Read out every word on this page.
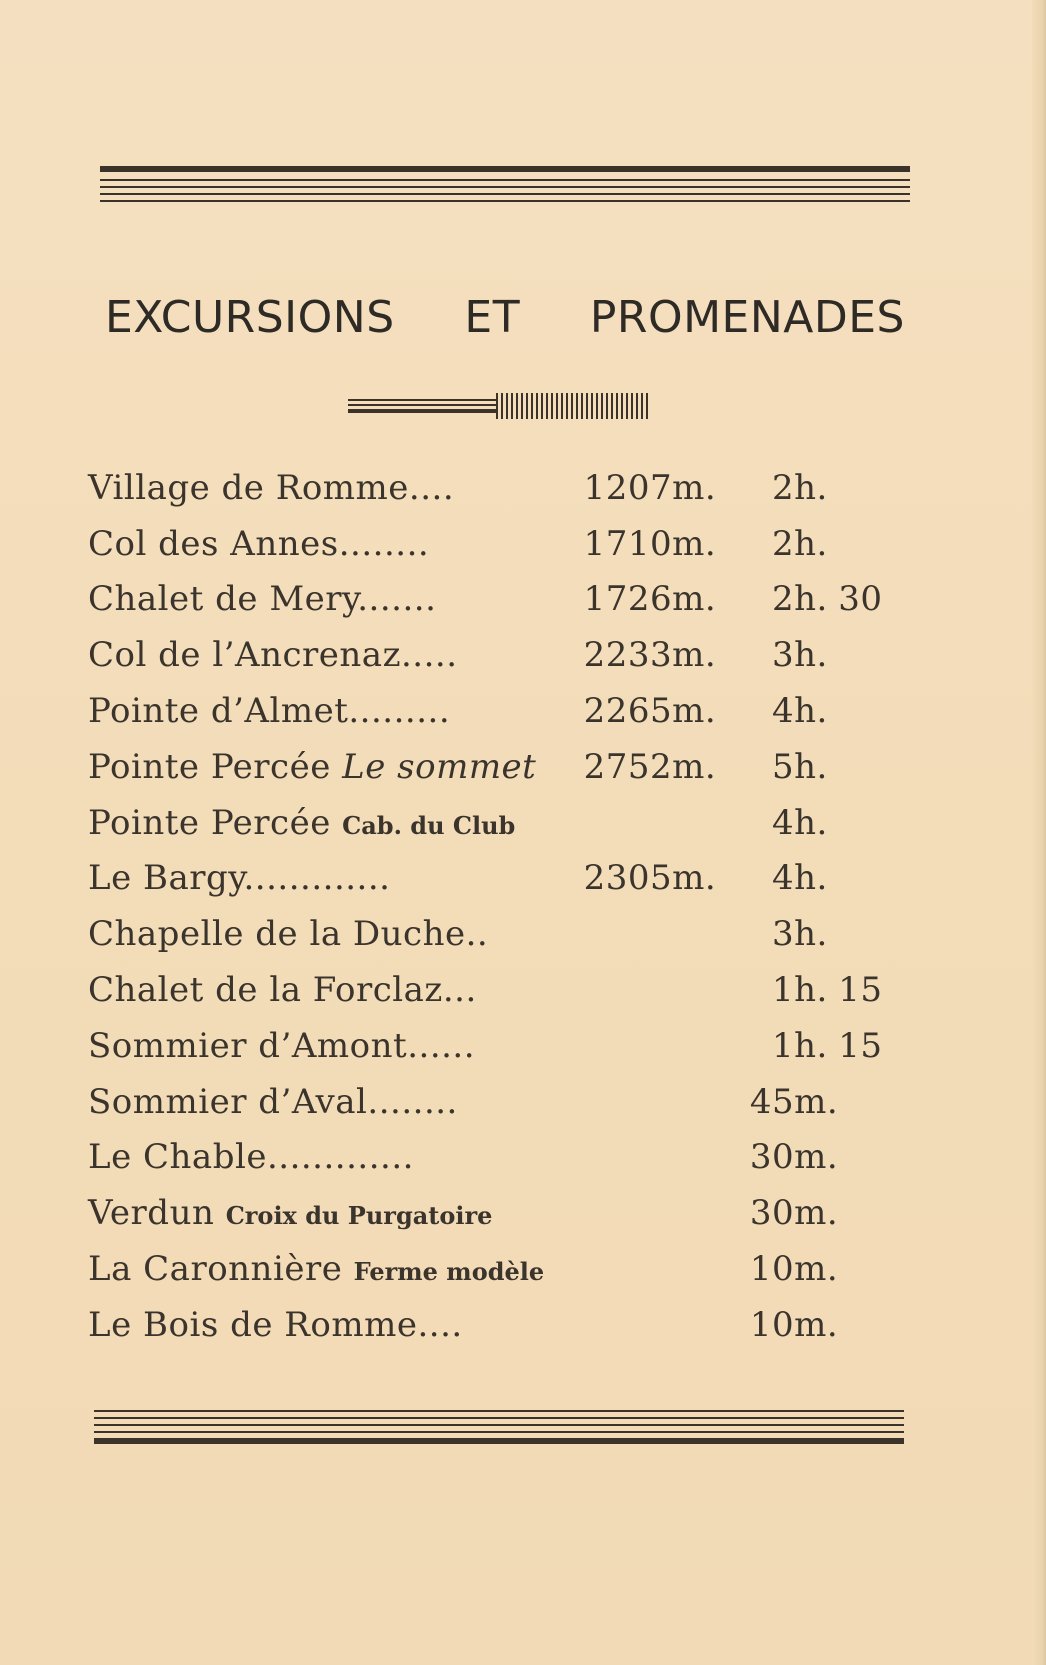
EXCURSIONS ET PROMENADES
Village de Romme....	1207	m.	2	h.	
Col des Annes........	1710	m.	2	h.	
Chalet de Mery.......	1726	m.	2	h.	30
Col de l’Ancrenaz.....	2233	m.	3	h.	
Pointe d’Almet.........	2265	m.	4	h.	
Pointe Percée Le sommet	2752	m.	5	h.	
Pointe Percée Cab. du Club			4	h.	
Le Bargy.............	2305	m.	4	h.	
Chapelle de la Duche..			3	h.	
Chalet de la Forclaz...			1	h.	15
Sommier d’Amont......			1	h.	15
Sommier d’Aval........			45	m.	
Le Chable.............			30	m.	
Verdun Croix du Purgatoire			30	m.	
La Caronnière Ferme modèle			10	m.	
Le Bois de Romme....			10	m.	
